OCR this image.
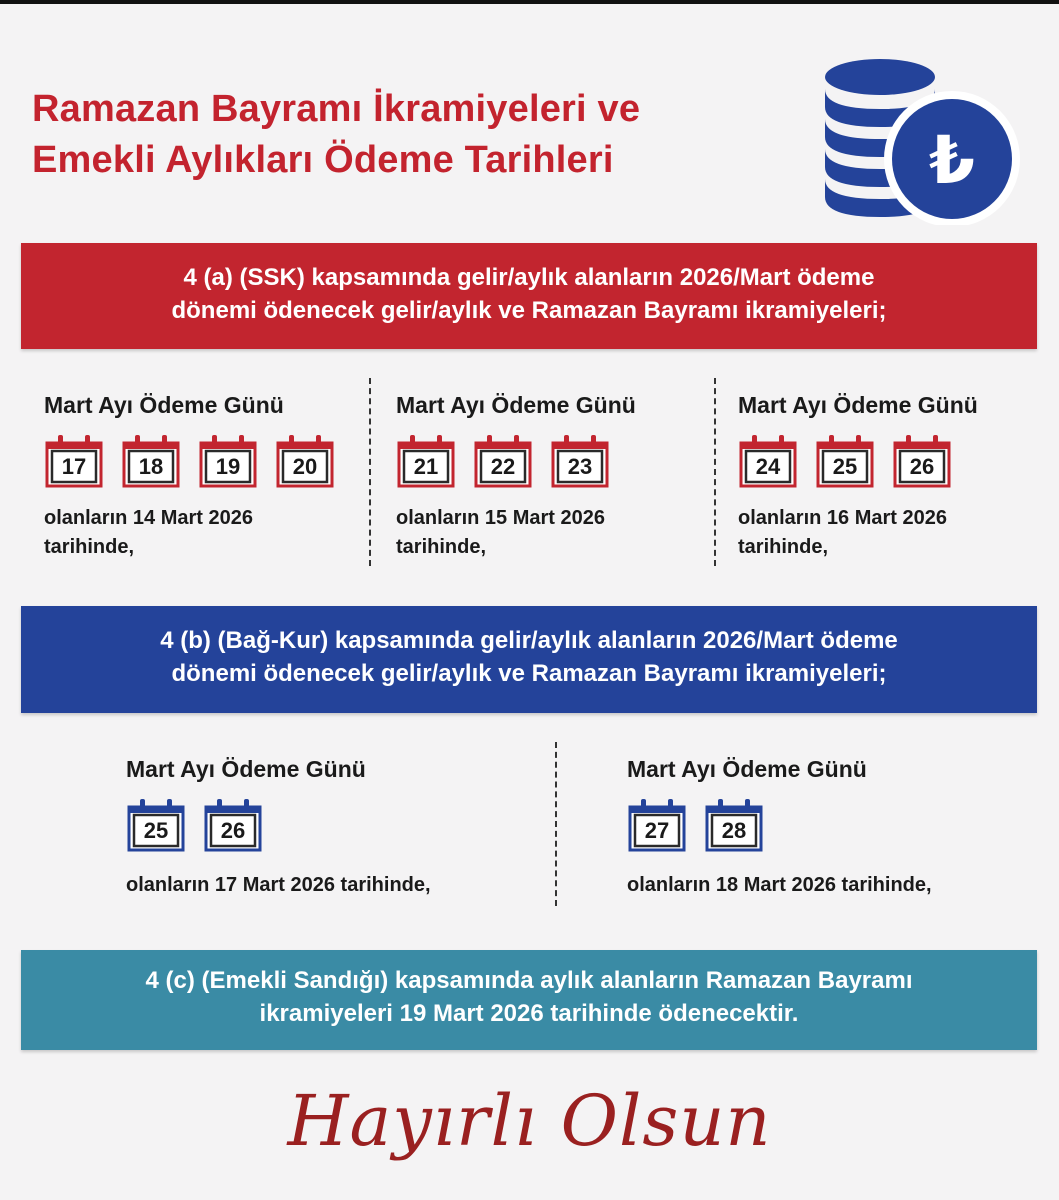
Ramazan Bayramı İkramiyeleri ve
Emekli Aylıkları Ödeme Tarihleri	₺
4 (a) (SSK) kapsamında gelir/aylık alanların 2026/Mart ödeme
dönemi ödenecek gelir/aylık ve Ramazan Bayramı ikramiyeleri;
Mart Ayı Ödeme Günü
17	18	19	20
olanların 14 Mart 2026
tarihinde,
Mart Ayı Ödeme Günü
21	22	23
olanların 15 Mart 2026
tarihinde,
Mart Ayı Ödeme Günü
24	25	26
olanların 16 Mart 2026
tarihinde,
4 (b) (Bağ-Kur) kapsamında gelir/aylık alanların 2026/Mart ödeme
dönemi ödenecek gelir/aylık ve Ramazan Bayramı ikramiyeleri;
Mart Ayı Ödeme Günü
25	26
olanların 17 Mart 2026 tarihinde,
Mart Ayı Ödeme Günü
27	28
olanların 18 Mart 2026 tarihinde,
4 (c) (Emekli Sandığı) kapsamında aylık alanların Ramazan Bayramı
ikramiyeleri 19 Mart 2026 tarihinde ödenecektir.
Hayırlı Olsun
